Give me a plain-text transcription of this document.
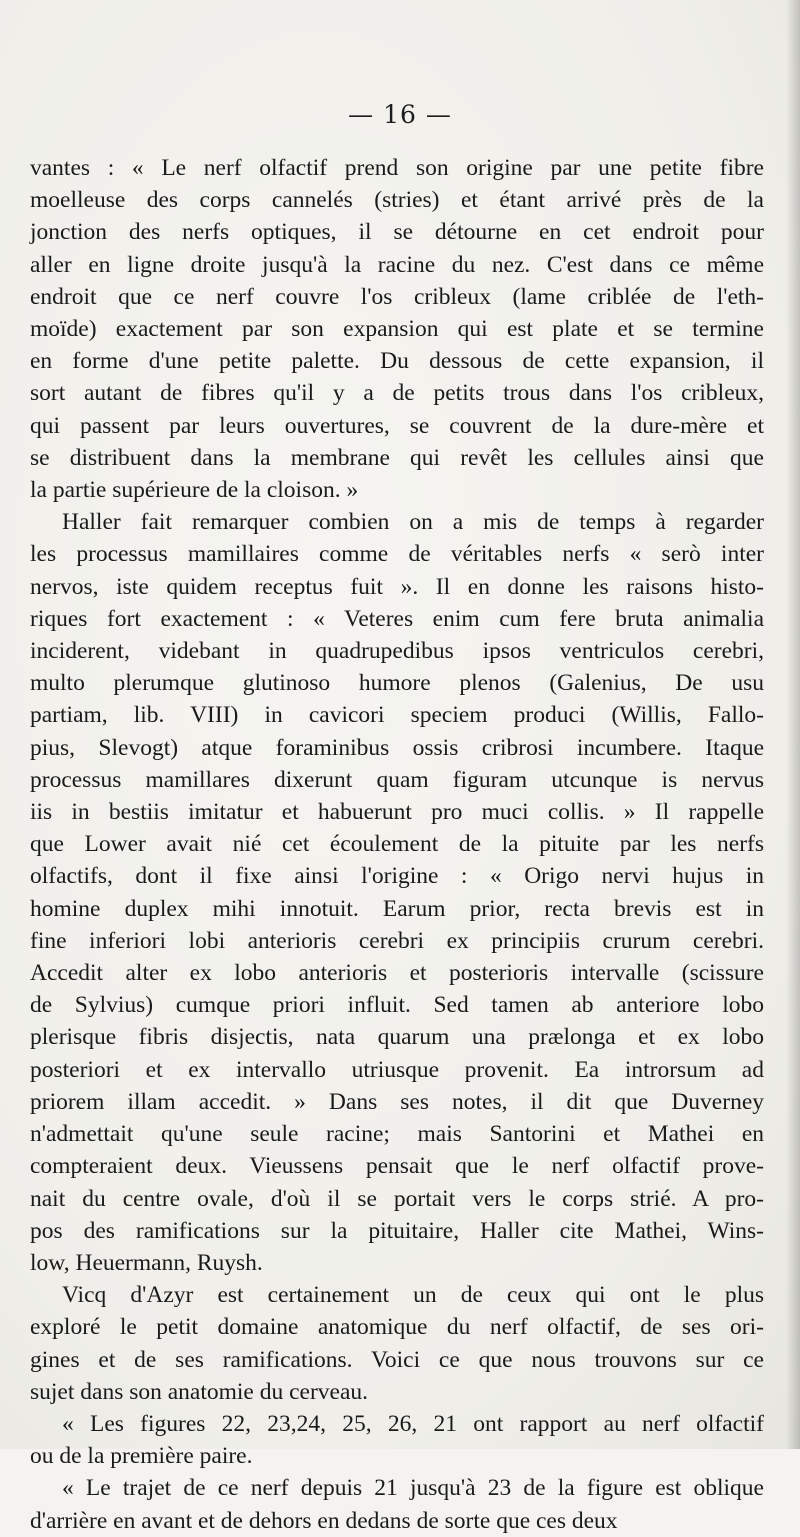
— 16 —

vantes : « Le nerf olfactif prend son origine par une petite fibre
moelleuse des corps cannelés (stries) et étant arrivé près de la
jonction des nerfs optiques, il se détourne en cet endroit pour
aller en ligne droite jusqu'à la racine du nez. C'est dans ce même
endroit que ce nerf couvre l'os cribleux (lame criblée de l'eth-
moïde) exactement par son expansion qui est plate et se termine
en forme d'une petite palette. Du dessous de cette expansion, il
sort autant de fibres qu'il y a de petits trous dans l'os cribleux,
qui passent par leurs ouvertures, se couvrent de la dure-mère et
se distribuent dans la membrane qui revêt les cellules ainsi que
la partie supérieure de la cloison. »

Haller fait remarquer combien on a mis de temps à regarder
les processus mamillaires comme de véritables nerfs « serò inter
nervos, iste quidem receptus fuit ». Il en donne les raisons histo-
riques fort exactement : « Veteres enim cum fere bruta animalia
inciderent, videbant in quadrupedibus ipsos ventriculos cerebri,
multo plerumque glutinoso humore plenos (Galenius, De usu
partiam, lib. VIII) in cavicori speciem produci (Willis, Fallo-
pius, Slevogt) atque foraminibus ossis cribrosi incumbere. Itaque
processus mamillares dixerunt quam figuram utcunque is nervus
iis in bestiis imitatur et habuerunt pro muci collis. » Il rappelle
que Lower avait nié cet écoulement de la pituite par les nerfs
olfactifs, dont il fixe ainsi l'origine : « Origo nervi hujus in
homine duplex mihi innotuit. Earum prior, recta brevis est in
fine inferiori lobi anterioris cerebri ex principiis crurum cerebri.
Accedit alter ex lobo anterioris et posterioris intervalle (scissure
de Sylvius) cumque priori influit. Sed tamen ab anteriore lobo
plerisque fibris disjectis, nata quarum una prælonga et ex lobo
posteriori et ex intervallo utriusque provenit. Ea introrsum ad
priorem illam accedit. » Dans ses notes, il dit que Duverney
n'admettait qu'une seule racine; mais Santorini et Mathei en
compteraient deux. Vieussens pensait que le nerf olfactif prove-
nait du centre ovale, d'où il se portait vers le corps strié. A pro-
pos des ramifications sur la pituitaire, Haller cite Mathei, Wins-
low, Heuermann, Ruysh.

Vicq d'Azyr est certainement un de ceux qui ont le plus
exploré le petit domaine anatomique du nerf olfactif, de ses ori-
gines et de ses ramifications. Voici ce que nous trouvons sur ce
sujet dans son anatomie du cerveau.

« Les figures 22, 23,24, 25, 26, 21 ont rapport au nerf olfactif
ou de la première paire.

« Le trajet de ce nerf depuis 21 jusqu'à 23 de la figure est oblique
d'arrière en avant et de dehors en dedans de sorte que ces deux
